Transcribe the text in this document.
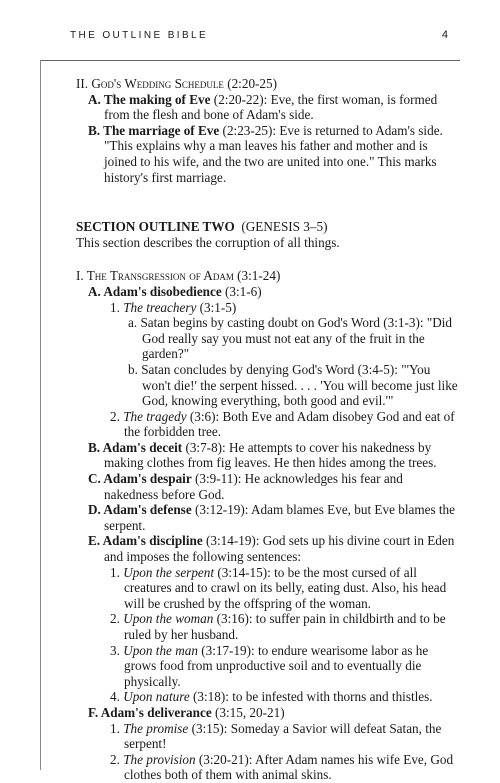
THE OUTLINE BIBLE	4
II. God's Wedding Schedule (2:20-25)
A. The making of Eve (2:20-22): Eve, the first woman, is formed from the flesh and bone of Adam's side.
B. The marriage of Eve (2:23-25): Eve is returned to Adam's side. "This explains why a man leaves his father and mother and is joined to his wife, and the two are united into one." This marks history's first marriage.
SECTION OUTLINE TWO (GENESIS 3–5)
This section describes the corruption of all things.
I. The Transgression of Adam (3:1-24)
A. Adam's disobedience (3:1-6)
1. The treachery (3:1-5)
a. Satan begins by casting doubt on God's Word (3:1-3): "Did God really say you must not eat any of the fruit in the garden?"
b. Satan concludes by denying God's Word (3:4-5): "'You won't die!' the serpent hissed. . . . 'You will become just like God, knowing everything, both good and evil.'"
2. The tragedy (3:6): Both Eve and Adam disobey God and eat of the forbidden tree.
B. Adam's deceit (3:7-8): He attempts to cover his nakedness by making clothes from fig leaves. He then hides among the trees.
C. Adam's despair (3:9-11): He acknowledges his fear and nakedness before God.
D. Adam's defense (3:12-19): Adam blames Eve, but Eve blames the serpent.
E. Adam's discipline (3:14-19): God sets up his divine court in Eden and imposes the following sentences:
1. Upon the serpent (3:14-15): to be the most cursed of all creatures and to crawl on its belly, eating dust. Also, his head will be crushed by the offspring of the woman.
2. Upon the woman (3:16): to suffer pain in childbirth and to be ruled by her husband.
3. Upon the man (3:17-19): to endure wearisome labor as he grows food from unproductive soil and to eventually die physically.
4. Upon nature (3:18): to be infested with thorns and thistles.
F. Adam's deliverance (3:15, 20-21)
1. The promise (3:15): Someday a Savior will defeat Satan, the serpent!
2. The provision (3:20-21): After Adam names his wife Eve, God clothes both of them with animal skins.
